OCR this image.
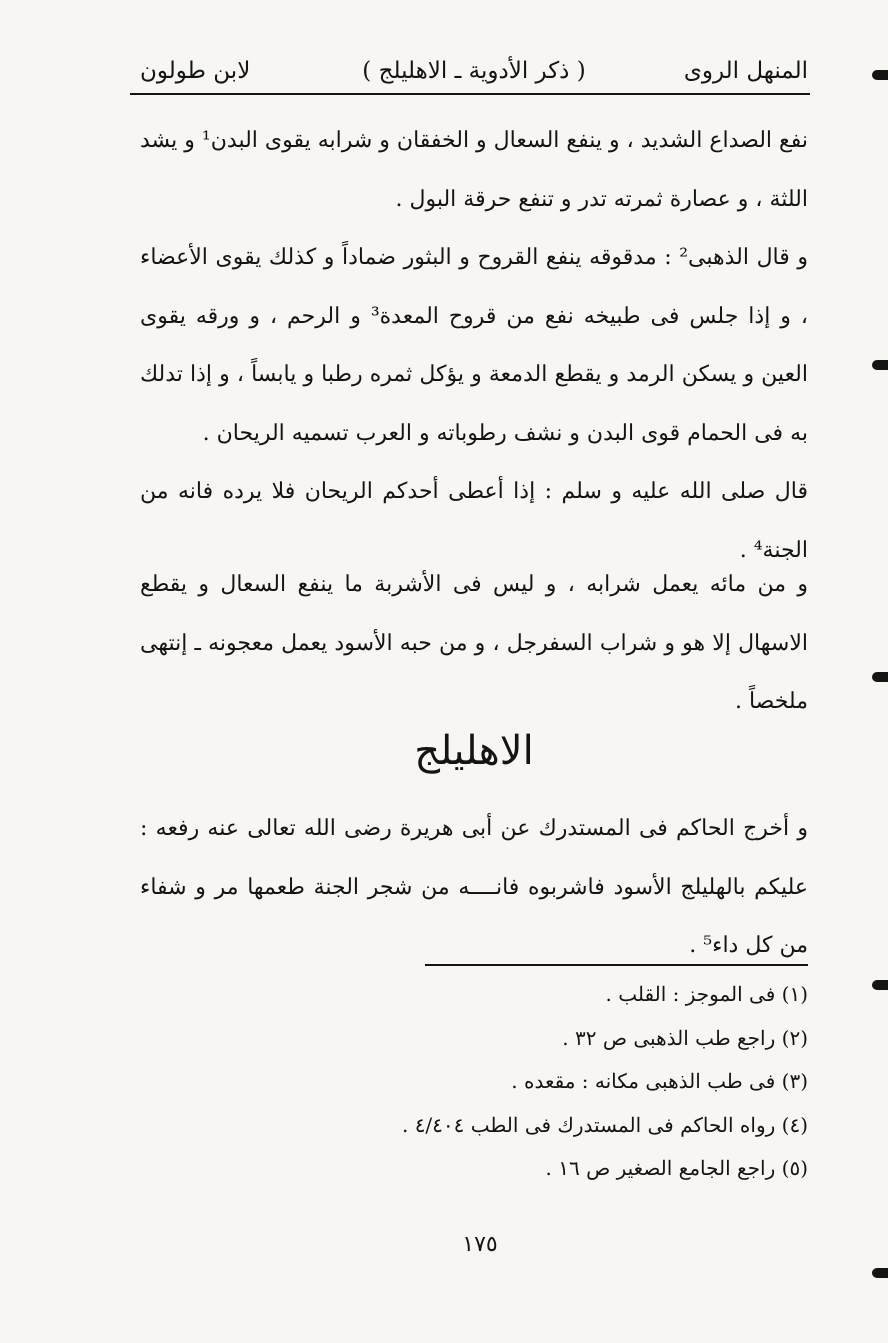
لابن طولون	( ذكر الأدوية ـ الاهليلج )	المنهل الروى

نفع الصداع الشديد ، و ينفع السعال و الخفقان و شرابه يقوى البدن¹ و يشد اللثة ، و عصارة ثمرته تدر و تنفع حرقة البول .

و قال الذهبى² : مدقوقه ينفع القروح و البثور ضماداً و كذلك يقوى الأعضاء ، و إذا جلس فى طبيخه نفع من قروح المعدة³ و الرحم ، و ورقه يقوى العين و يسكن الرمد و يقطع الدمعة و يؤكل ثمره رطبا و يابساً ، و إذا تدلك به فى الحمام قوى البدن و نشف رطوباته و العرب تسميه الريحان .

قال صلى الله عليه و سلم : إذا أعطى أحدكم الريحان فلا يرده فانه من الجنة⁴ .

و من مائه يعمل شرابه ، و ليس فى الأشربة ما ينفع السعال و يقطع الاسهال إلا هو و شراب السفرجل ، و من حبه الأسود يعمل معجونه ـ إنتهى ملخصاً .

الاهليلج

و أخرج الحاكم فى المستدرك عن أبى هريرة رضى الله تعالى عنه رفعه : عليكم بالهليلج الأسود فاشربوه فانــــه من شجر الجنة طعمها مر و شفاء من كل داء⁵ .

(١) فى الموجز : القلب .

(٢) راجع طب الذهبى ص ٣٢ .

(٣) فى طب الذهبى مكانه : مقعده .

(٤) رواه الحاكم فى المستدرك فى الطب ٤/٤٠٤ .

(٥) راجع الجامع الصغير ص ١٦ .

١٧٥
